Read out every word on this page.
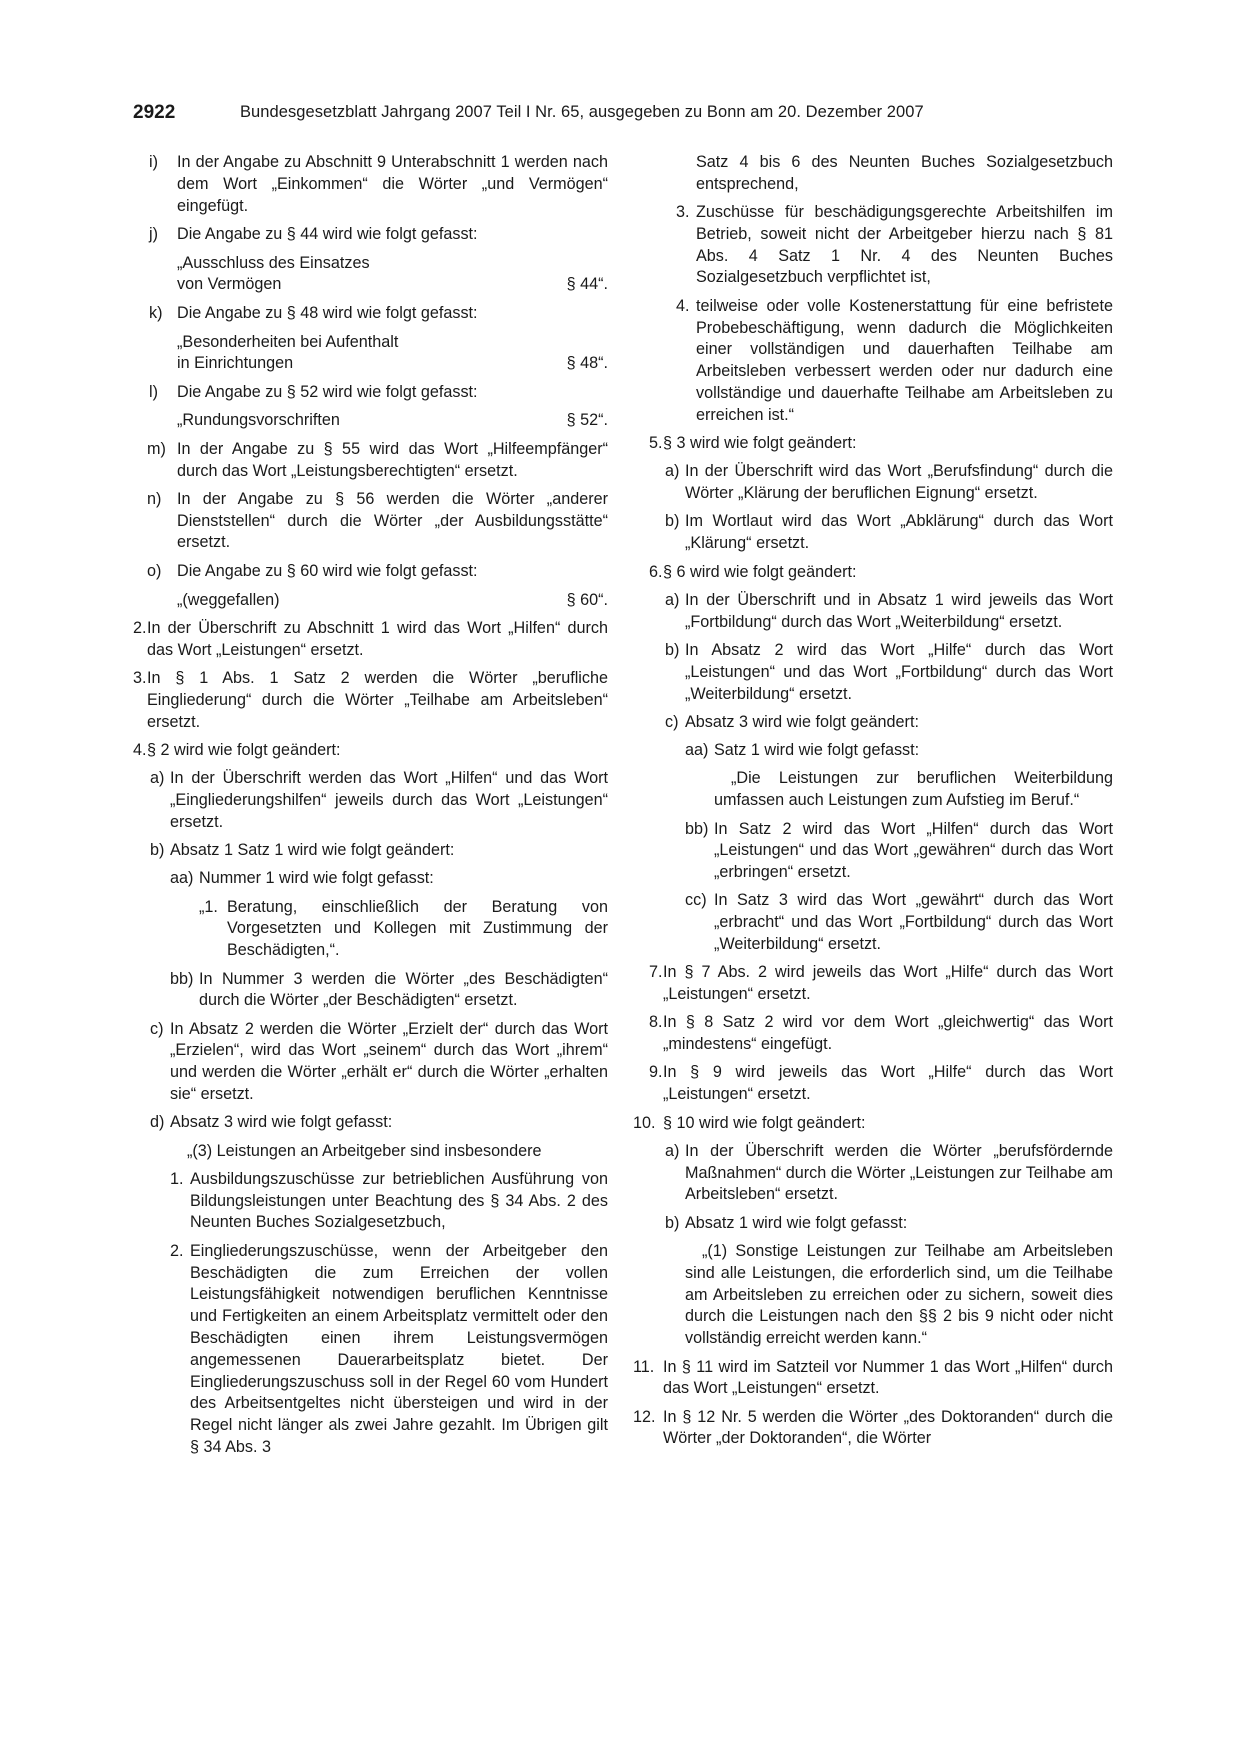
2922	Bundesgesetzblatt Jahrgang 2007 Teil I Nr. 65, ausgegeben zu Bonn am 20. Dezember 2007
i) In der Angabe zu Abschnitt 9 Unterabschnitt 1 werden nach dem Wort „Einkommen“ die Wörter „und Vermögen“ eingefügt.
j) Die Angabe zu § 44 wird wie folgt gefasst:

„Ausschluss des Einsatzes

von Vermögen	§ 44“.
k) Die Angabe zu § 48 wird wie folgt gefasst:

„Besonderheiten bei Aufenthalt

in Einrichtungen	§ 48“.
l) Die Angabe zu § 52 wird wie folgt gefasst:
„Rundungsvorschriften	§ 52“.
m) In der Angabe zu § 55 wird das Wort „Hilfeempfänger“ durch das Wort „Leistungsberechtigten“ ersetzt.
n) In der Angabe zu § 56 werden die Wörter „anderer Dienststellen“ durch die Wörter „der Ausbildungsstätte“ ersetzt.
o) Die Angabe zu § 60 wird wie folgt gefasst:
„(weggefallen)	§ 60“.
2. In der Überschrift zu Abschnitt 1 wird das Wort „Hilfen“ durch das Wort „Leistungen“ ersetzt.
3. In § 1 Abs. 1 Satz 2 werden die Wörter „berufliche Eingliederung“ durch die Wörter „Teilhabe am Arbeitsleben“ ersetzt.
4. § 2 wird wie folgt geändert:
a) In der Überschrift werden das Wort „Hilfen“ und das Wort „Eingliederungshilfen“ jeweils durch das Wort „Leistungen“ ersetzt.
b) Absatz 1 Satz 1 wird wie folgt geändert:
aa) Nummer 1 wird wie folgt gefasst:
„1. Beratung, einschließlich der Beratung von Vorgesetzten und Kollegen mit Zustimmung der Beschädigten,“.
bb) In Nummer 3 werden die Wörter „des Beschädigten“ durch die Wörter „der Beschädigten“ ersetzt.
c) In Absatz 2 werden die Wörter „Erzielt der“ durch das Wort „Erzielen“, wird das Wort „seinem“ durch das Wort „ihrem“ und werden die Wörter „erhält er“ durch die Wörter „erhalten sie“ ersetzt.
d) Absatz 3 wird wie folgt gefasst:
„(3) Leistungen an Arbeitgeber sind insbesondere
1. Ausbildungszuschüsse zur betrieblichen Ausführung von Bildungsleistungen unter Beachtung des § 34 Abs. 2 des Neunten Buches Sozialgesetzbuch,
2. Eingliederungszuschüsse, wenn der Arbeitgeber den Beschädigten die zum Erreichen der vollen Leistungsfähigkeit notwendigen beruflichen Kenntnisse und Fertigkeiten an einem Arbeitsplatz vermittelt oder den Beschädigten einen ihrem Leistungsvermögen angemessenen Dauerarbeitsplatz bietet. Der Eingliederungszuschuss soll in der Regel 60 vom Hundert des Arbeitsentgeltes nicht übersteigen und wird in der Regel nicht länger als zwei Jahre gezahlt. Im Übrigen gilt § 34 Abs. 3
Satz 4 bis 6 des Neunten Buches Sozialgesetzbuch entsprechend,
3. Zuschüsse für beschädigungsgerechte Arbeitshilfen im Betrieb, soweit nicht der Arbeitgeber hierzu nach § 81 Abs. 4 Satz 1 Nr. 4 des Neunten Buches Sozialgesetzbuch verpflichtet ist,
4. teilweise oder volle Kostenerstattung für eine befristete Probebeschäftigung, wenn dadurch die Möglichkeiten einer vollständigen und dauerhaften Teilhabe am Arbeitsleben verbessert werden oder nur dadurch eine vollständige und dauerhafte Teilhabe am Arbeitsleben zu erreichen ist.“
5. § 3 wird wie folgt geändert:
a) In der Überschrift wird das Wort „Berufsfindung“ durch die Wörter „Klärung der beruflichen Eignung“ ersetzt.
b) Im Wortlaut wird das Wort „Abklärung“ durch das Wort „Klärung“ ersetzt.
6. § 6 wird wie folgt geändert:
a) In der Überschrift und in Absatz 1 wird jeweils das Wort „Fortbildung“ durch das Wort „Weiterbildung“ ersetzt.
b) In Absatz 2 wird das Wort „Hilfe“ durch das Wort „Leistungen“ und das Wort „Fortbildung“ durch das Wort „Weiterbildung“ ersetzt.
c) Absatz 3 wird wie folgt geändert:
aa) Satz 1 wird wie folgt gefasst:
„Die Leistungen zur beruflichen Weiterbildung umfassen auch Leistungen zum Aufstieg im Beruf.“
bb) In Satz 2 wird das Wort „Hilfen“ durch das Wort „Leistungen“ und das Wort „gewähren“ durch das Wort „erbringen“ ersetzt.
cc) In Satz 3 wird das Wort „gewährt“ durch das Wort „erbracht“ und das Wort „Fortbildung“ durch das Wort „Weiterbildung“ ersetzt.
7. In § 7 Abs. 2 wird jeweils das Wort „Hilfe“ durch das Wort „Leistungen“ ersetzt.
8. In § 8 Satz 2 wird vor dem Wort „gleichwertig“ das Wort „mindestens“ eingefügt.
9. In § 9 wird jeweils das Wort „Hilfe“ durch das Wort „Leistungen“ ersetzt.
10. § 10 wird wie folgt geändert:
a) In der Überschrift werden die Wörter „berufsfördernde Maßnahmen“ durch die Wörter „Leistungen zur Teilhabe am Arbeitsleben“ ersetzt.
b) Absatz 1 wird wie folgt gefasst:
„(1) Sonstige Leistungen zur Teilhabe am Arbeitsleben sind alle Leistungen, die erforderlich sind, um die Teilhabe am Arbeitsleben zu erreichen oder zu sichern, soweit dies durch die Leistungen nach den §§ 2 bis 9 nicht oder nicht vollständig erreicht werden kann.“
11. In § 11 wird im Satzteil vor Nummer 1 das Wort „Hilfen“ durch das Wort „Leistungen“ ersetzt.
12. In § 12 Nr. 5 werden die Wörter „des Doktoranden“ durch die Wörter „der Doktoranden“, die Wörter
